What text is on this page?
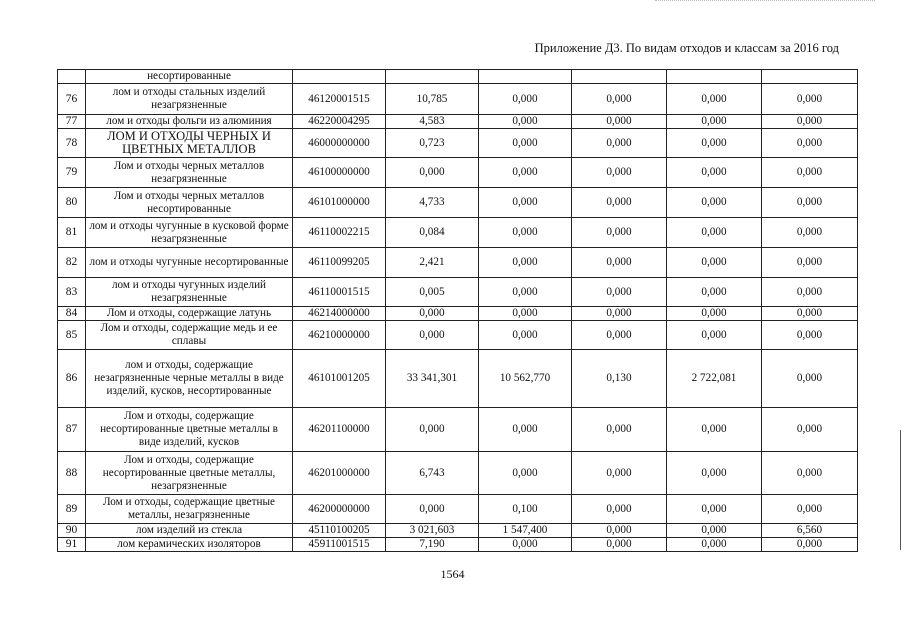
Приложение Д3. По видам отходов и классам за 2016 год
	несортированные						
76	лом и отходы стальных изделий незагрязненные	46120001515	10,785	0,000	0,000	0,000	0,000
77	лом и отходы фольги из алюминия	46220004295	4,583	0,000	0,000	0,000	0,000
78	ЛОМ И ОТХОДЫ ЧЕРНЫХ И ЦВЕТНЫХ МЕТАЛЛОВ	46000000000	0,723	0,000	0,000	0,000	0,000
79	Лом и отходы черных металлов незагрязненные	46100000000	0,000	0,000	0,000	0,000	0,000
80	Лом и отходы черных металлов несортированные	46101000000	4,733	0,000	0,000	0,000	0,000
81	лом и отходы чугунные в кусковой форме незагрязненные	46110002215	0,084	0,000	0,000	0,000	0,000
82	лом и отходы чугунные несортированные	46110099205	2,421	0,000	0,000	0,000	0,000
83	лом и отходы чугунных изделий незагрязненные	46110001515	0,005	0,000	0,000	0,000	0,000
84	Лом и отходы, содержащие латунь	46214000000	0,000	0,000	0,000	0,000	0,000
85	Лом и отходы, содержащие медь и ее сплавы	46210000000	0,000	0,000	0,000	0,000	0,000
86	лом и отходы, содержащие незагрязненные черные металлы в виде изделий, кусков, несортированные	46101001205	33 341,301	10 562,770	0,130	2 722,081	0,000
87	Лом и отходы, содержащие несортированные цветные металлы в виде изделий, кусков	46201100000	0,000	0,000	0,000	0,000	0,000
88	Лом и отходы, содержащие несортированные цветные металлы, незагрязненные	46201000000	6,743	0,000	0,000	0,000	0,000
89	Лом и отходы, содержащие цветные металлы, незагрязненные	46200000000	0,000	0,100	0,000	0,000	0,000
90	лом изделий из стекла	45110100205	3 021,603	1 547,400	0,000	0,000	6,560
91	лом керамических изоляторов	45911001515	7,190	0,000	0,000	0,000	0,000
1564
